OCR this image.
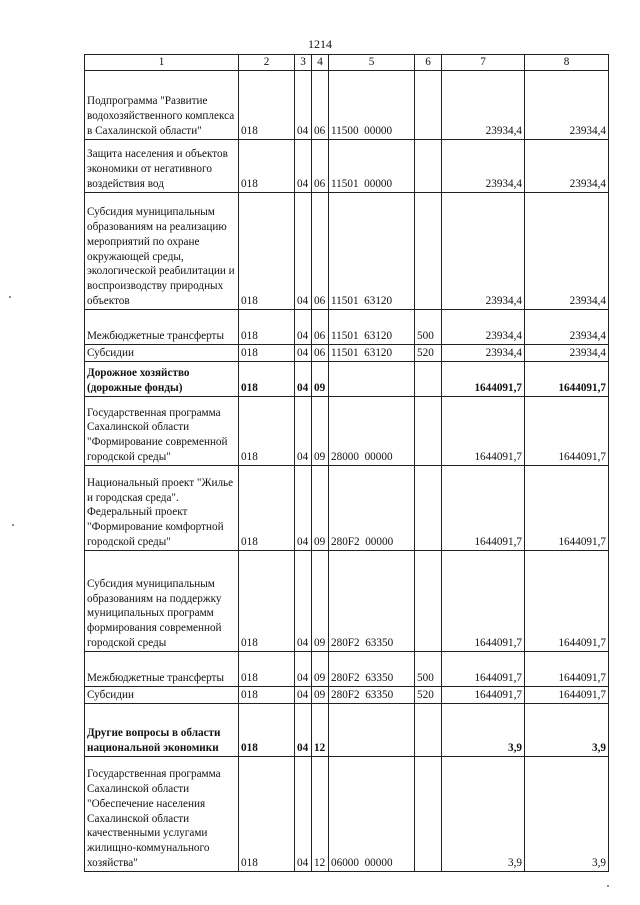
1214
1	2	3	4	5	6	7	8
Подпрограмма "Развитие водохозяйственного комплекса в Сахалинской области"	018	04	06	11500  00000		23934,4	23934,4
Защита населения и объектов экономики от негативного воздействия вод	018	04	06	11501  00000		23934,4	23934,4
Субсидия муниципальным образованиям на реализацию мероприятий по охране окружающей среды, экологической реабилитации и воспроизводству природных объектов	018	04	06	11501  63120		23934,4	23934,4
Межбюджетные трансферты	018	04	06	11501  63120	500	23934,4	23934,4
Субсидии	018	04	06	11501  63120	520	23934,4	23934,4
Дорожное хозяйство (дорожные фонды)	018	04	09			1644091,7	1644091,7
Государственная программа Сахалинской области "Формирование современной городской среды"	018	04	09	28000  00000		1644091,7	1644091,7
Национальный проект "Жилье и городская среда". Федеральный проект "Формирование комфортной городской среды"	018	04	09	280F2  00000		1644091,7	1644091,7
Субсидия муниципальным образованиям на поддержку муниципальных программ формирования современной городской среды	018	04	09	280F2  63350		1644091,7	1644091,7
Межбюджетные трансферты	018	04	09	280F2  63350	500	1644091,7	1644091,7
Субсидии	018	04	09	280F2  63350	520	1644091,7	1644091,7
Другие вопросы в области национальной экономики	018	04	12			3,9	3,9
Государственная программа Сахалинской области "Обеспечение населения Сахалинской области качественными услугами жилищно-коммунального хозяйства"	018	04	12	06000  00000		3,9	3,9
